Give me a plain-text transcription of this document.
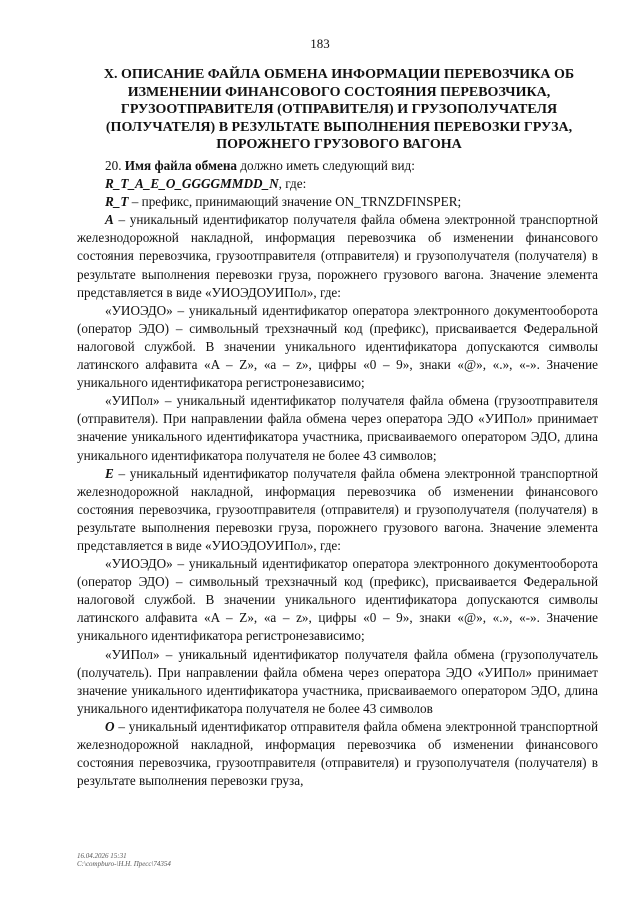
183
X. ОПИСАНИЕ ФАЙЛА ОБМЕНА ИНФОРМАЦИИ ПЕРЕВОЗЧИКА ОБ ИЗМЕНЕНИИ ФИНАНСОВОГО СОСТОЯНИЯ ПЕРЕВОЗЧИКА, ГРУЗООТПРАВИТЕЛЯ (ОТПРАВИТЕЛЯ) И ГРУЗОПОЛУЧАТЕЛЯ (ПОЛУЧАТЕЛЯ) В РЕЗУЛЬТАТЕ ВЫПОЛНЕНИЯ ПЕРЕВОЗКИ ГРУЗА, ПОРОЖНЕГО ГРУЗОВОГО ВАГОНА

20. Имя файла обмена должно иметь следующий вид:

R_T_A_E_O_GGGGMMDD_N, где:

R_T – префикс, принимающий значение ON_TRNZDFINSPER;

A – уникальный идентификатор получателя файла обмена электронной транспортной железнодорожной накладной, информация перевозчика об изменении финансового состояния перевозчика, грузоотправителя (отправителя) и грузополучателя (получателя) в результате выполнения перевозки груза, порожнего грузового вагона. Значение элемента представляется в виде «УИОЭДОУИПол», где:

«УИОЭДО» – уникальный идентификатор оператора электронного документооборота (оператор ЭДО) – символьный трехзначный код (префикс), присваивается Федеральной налоговой службой. В значении уникального идентификатора допускаются символы латинского алфавита «A – Z», «a – z», цифры «0 – 9», знаки «@», «.», «-». Значение уникального идентификатора регистронезависимо;

«УИПол» – уникальный идентификатор получателя файла обмена (грузоотправителя (отправителя). При направлении файла обмена через оператора ЭДО «УИПол» принимает значение уникального идентификатора участника, присваиваемого оператором ЭДО, длина уникального идентификатора получателя не более 43 символов;

E – уникальный идентификатор получателя файла обмена электронной транспортной железнодорожной накладной, информация перевозчика об изменении финансового состояния перевозчика, грузоотправителя (отправителя) и грузополучателя (получателя) в результате выполнения перевозки груза, порожнего грузового вагона. Значение элемента представляется в виде «УИОЭДОУИПол», где:

«УИОЭДО» – уникальный идентификатор оператора электронного документооборота (оператор ЭДО) – символьный трехзначный код (префикс), присваивается Федеральной налоговой службой. В значении уникального идентификатора допускаются символы латинского алфавита «A – Z», «a – z», цифры «0 – 9», знаки «@», «.», «-». Значение уникального идентификатора регистронезависимо;

«УИПол» – уникальный идентификатор получателя файла обмена (грузополучатель (получатель). При направлении файла обмена через оператора ЭДО «УИПол» принимает значение уникального идентификатора участника, присваиваемого оператором ЭДО, длина уникального идентификатора получателя не более 43 символов

O – уникальный идентификатор отправителя файла обмена электронной транспортной железнодорожной накладной, информация перевозчика об изменении финансового состояния перевозчика, грузоотправителя (отправителя) и грузополучателя (получателя) в результате выполнения перевозки груза,

16.04.2026 15:31
С:\compburo-\Н.Н. Пресс\74354
